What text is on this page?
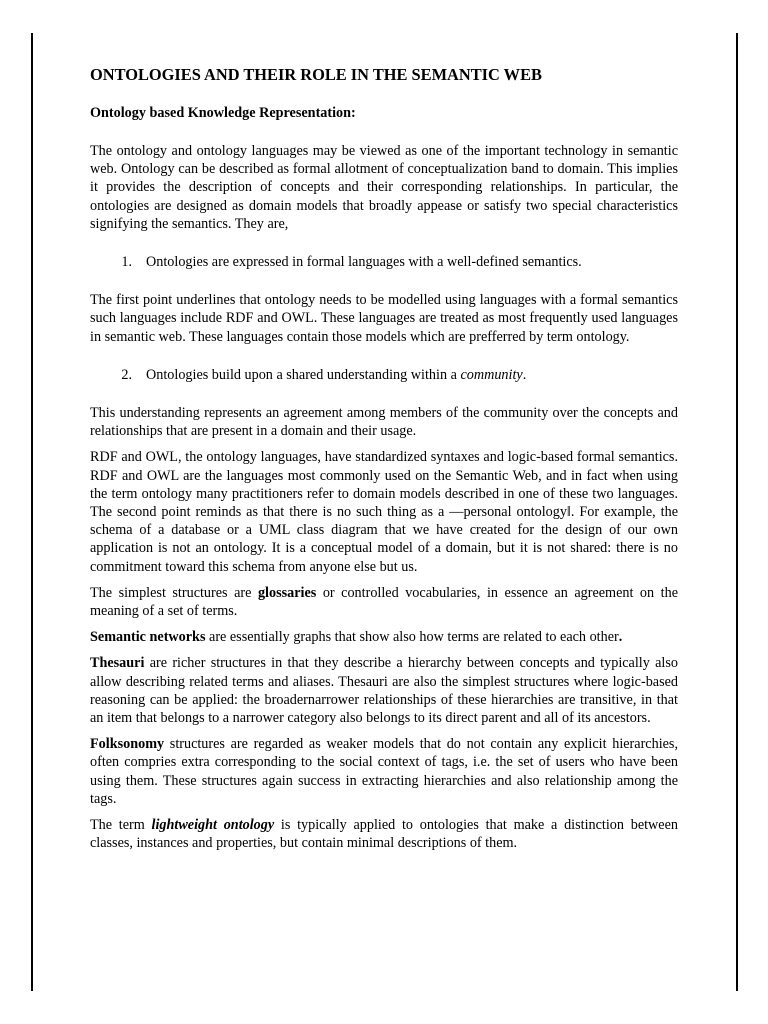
ONTOLOGIES AND THEIR ROLE IN THE SEMANTIC WEB
Ontology based Knowledge Representation:

The ontology and ontology languages may be viewed as one of the important technology in semantic web. Ontology can be described as formal allotment of conceptualization band to domain. This implies it provides the description of concepts and their corresponding relationships. In particular, the ontologies are designed as domain models that broadly appease or satisfy two special characteristics signifying the semantics. They are,

1. Ontologies are expressed in formal languages with a well-defined semantics.

The first point underlines that ontology needs to be modelled using languages with a formal semantics such languages include RDF and OWL. These languages are treated as most frequently used languages in semantic web. These languages contain those models which are prefferred by term ontology.

2. Ontologies build upon a shared understanding within a community.

This understanding represents an agreement among members of the community over the concepts and relationships that are present in a domain and their usage.

RDF and OWL, the ontology languages, have standardized syntaxes and logic-based formal semantics. RDF and OWL are the languages most commonly used on the Semantic Web, and in fact when using the term ontology many practitioners refer to domain models described in one of these two languages. The second point reminds as that there is no such thing as a ―personal ontology‖. For example, the schema of a database or a UML class diagram that we have created for the design of our own application is not an ontology. It is a conceptual model of a domain, but it is not shared: there is no commitment toward this schema from anyone else but us.

The simplest structures are glossaries or controlled vocabularies, in essence an agreement on the meaning of a set of terms.

Semantic networks are essentially graphs that show also how terms are related to each other.

Thesauri are richer structures in that they describe a hierarchy between concepts and typically also allow describing related terms and aliases. Thesauri are also the simplest structures where logic-based reasoning can be applied: the broadernarrower relationships of these hierarchies are transitive, in that an item that belongs to a narrower category also belongs to its direct parent and all of its ancestors.

Folksonomy structures are regarded as weaker models that do not contain any explicit hierarchies, often compries extra corresponding to the social context of tags, i.e. the set of users who have been using them. These structures again success in extracting hierarchies and also relationship among the tags.

The term lightweight ontology is typically applied to ontologies that make a distinction between classes, instances and properties, but contain minimal descriptions of them.
